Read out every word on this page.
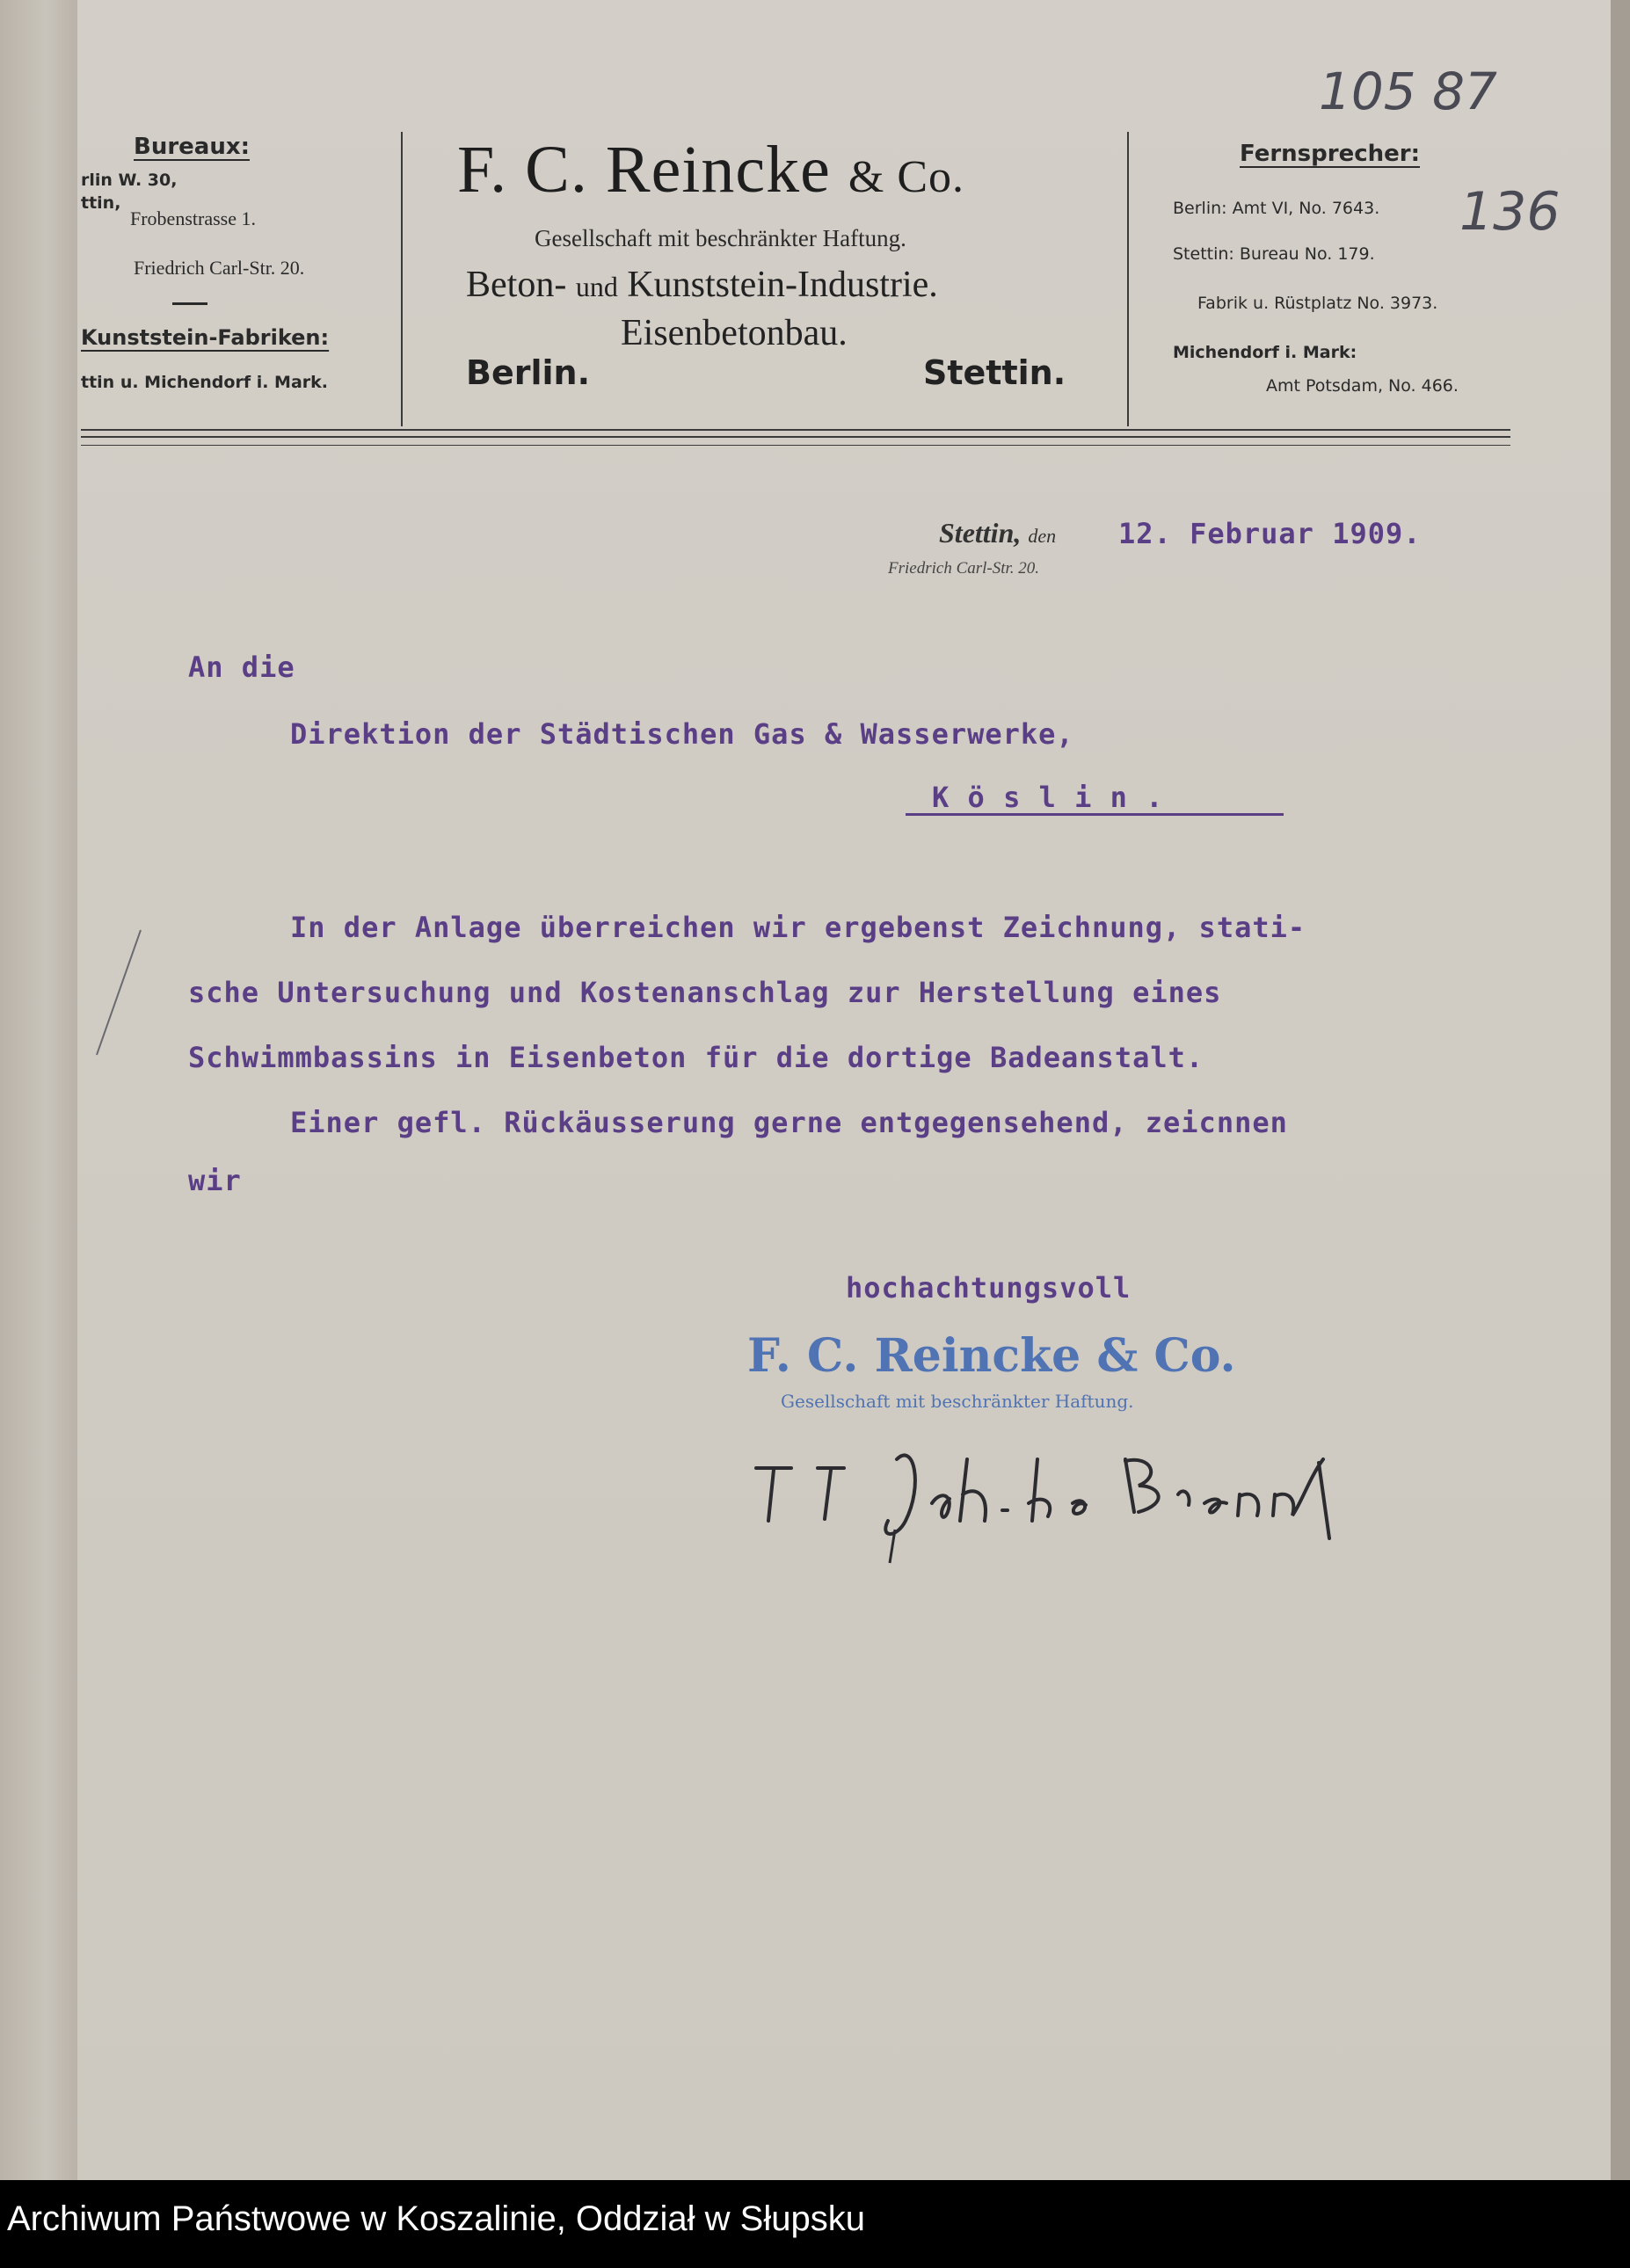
Bureaux:
rlin W. 30,
Frobenstrasse 1.
ttin,
Friedrich Carl-Str. 20.
Kunststein-Fabriken:
ttin u. Michendorf i. Mark.
F. C. Reincke & Co.
Gesellschaft mit beschränkter Haftung.
Beton- und Kunststein-Industrie.
Eisenbetonbau.
Berlin.	Stettin.
Fernsprecher:
Berlin: Amt VI, No. 7643.
Stettin: Bureau No. 179.
Fabrik u. Rüstplatz No. 3973.
Michendorf i. Mark:
Amt Potsdam, No. 466.
105 87
136
Stettin, den 12. Februar 1909.
Friedrich Carl-Str. 20.
An die
Direktion der Städtischen Gas & Wasserwerke,
K ö s l i n .
In der Anlage überreichen wir ergebenst Zeichnung, stati-
sche Untersuchung und Kostenanschlag zur Herstellung eines
Schwimmbassins in Eisenbeton für die dortige Badeanstalt.
Einer gefl. Rückäusserung gerne entgegensehend, zeicnnen
wir
hochachtungsvoll
F. C. Reincke & Co.
Gesellschaft mit beschränkter Haftung.
Archiwum Państwowe w Koszalinie, Oddział w Słupsku
